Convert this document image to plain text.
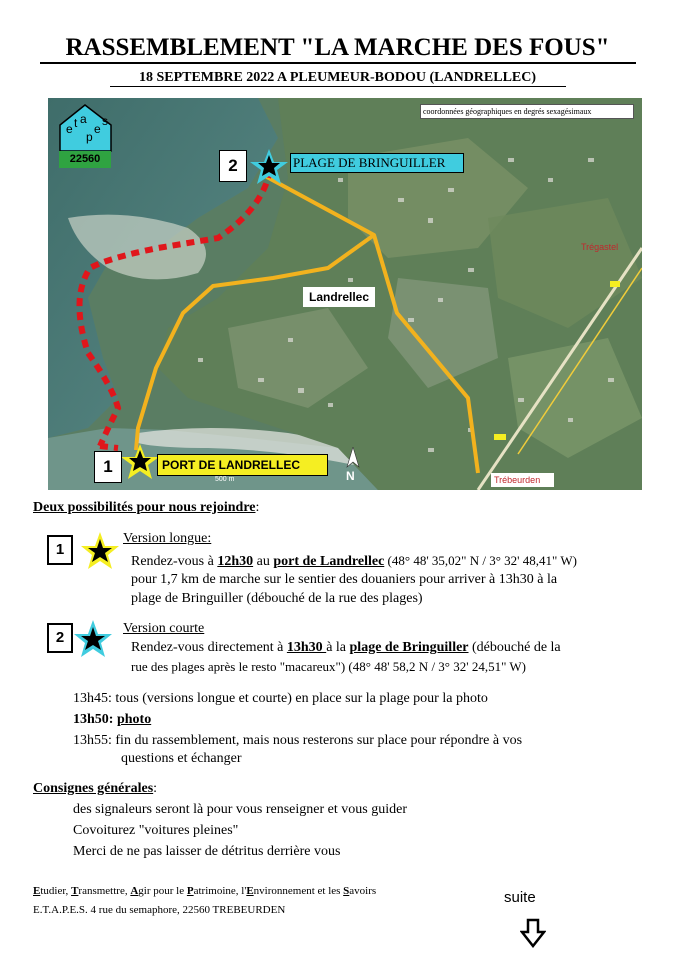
RASSEMBLEMENT "LA MARCHE DES FOUS"
18 SEPTEMBRE 2022 A PLEUMEUR-BODOU (LANDRELLEC)
e t a
p
e
s
22560
coordonnées géographiques en degrés sexagésimaux
PLAGE DE BRINGUILLER
PORT DE LANDRELLEC
Landrellec
Trégastel
Trébeurden
2
1	N
500 m
Deux possibilités pour nous rejoindre:
1
Version longue:
Rendez-vous à 12h30 au port de Landrellec (48° 48' 35,02" N / 3° 32' 48,41" W)
pour 1,7 km de marche sur le sentier des douaniers pour arriver à 13h30 à la
plage de Bringuiller (débouché de la rue des plages)
2
Version courte
Rendez-vous directement à 13h30 à la plage de Bringuiller (débouché de la
rue des plages après le resto "macareux") (48° 48' 58,2 N / 3° 32' 24,51" W)
13h45: tous (versions longue et courte) en place sur la plage pour la photo
13h50: photo
13h55: fin du rassemblement, mais nous resterons sur place pour répondre à vos
questions et échanger
Consignes générales:
des signaleurs seront là pour vous renseigner et vous guider
Covoiturez "voitures pleines"
Merci de ne pas laisser de détritus derrière vous
Etudier, Transmettre, Agir pour le Patrimoine, l'Environnement et les Savoirs
E.T.A.P.E.S. 4 rue du semaphore, 22560 TREBEURDEN
suite
